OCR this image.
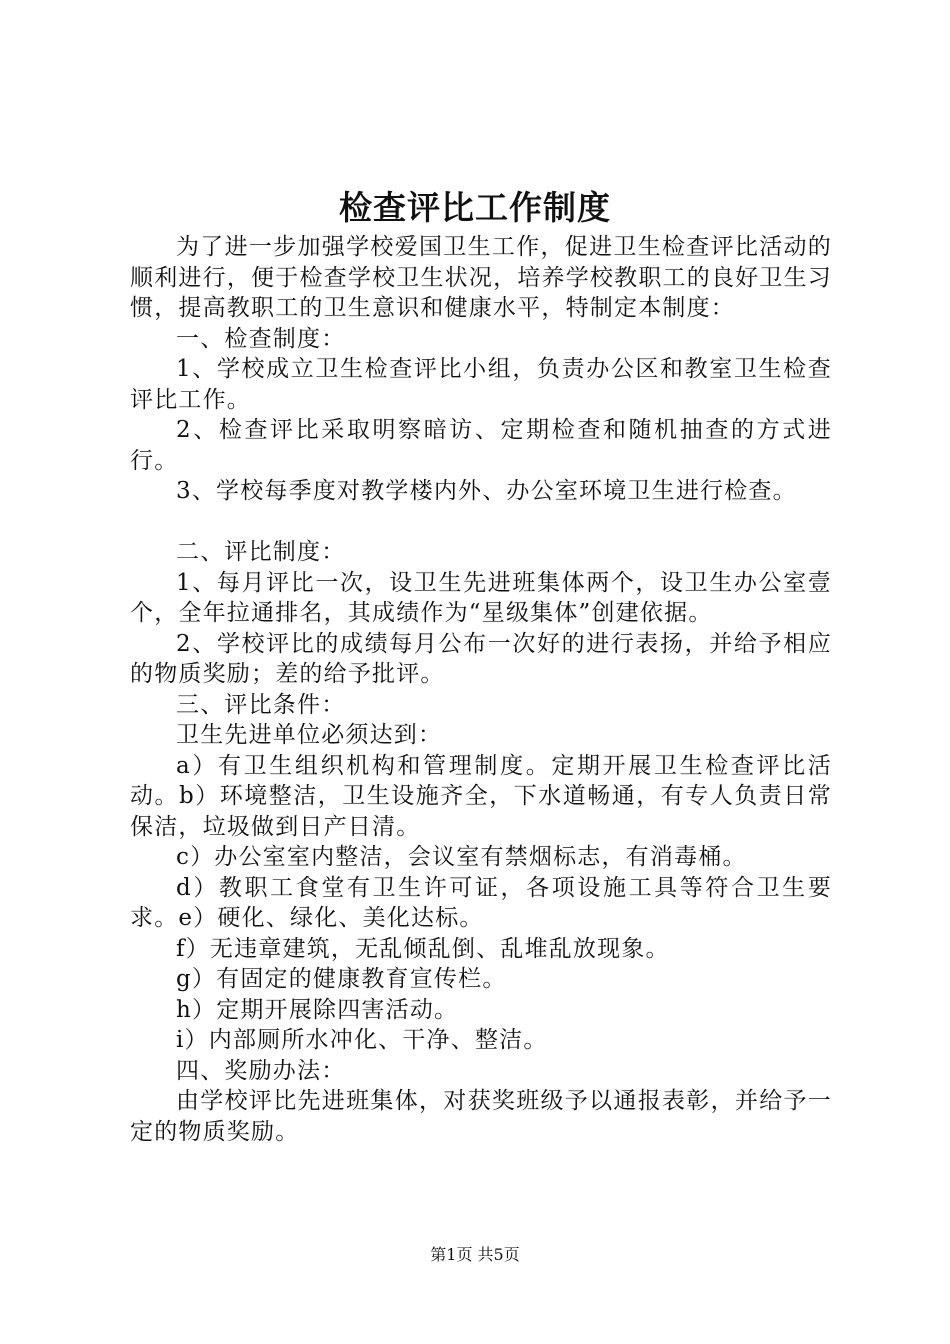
检查评比工作制度

为了进一步加强学校爱国卫生工作，促进卫生检查评比活动的顺利进行，便于检查学校卫生状况，培养学校教职工的良好卫生习惯，提高教职工的卫生意识和健康水平，特制定本制度：

一、检查制度：

1、学校成立卫生检查评比小组，负责办公区和教室卫生检查评比工作。

2、检查评比采取明察暗访、定期检查和随机抽查的方式进行。

3、学校每季度对教学楼内外、办公室环境卫生进行检查。

二、评比制度：

1、每月评比一次，设卫生先进班集体两个，设卫生办公室壹个，全年拉通排名，其成绩作为“星级集体”创建依据。

2、学校评比的成绩每月公布一次好的进行表扬，并给予相应的物质奖励；差的给予批评。

三、评比条件：

卫生先进单位必须达到：

a）有卫生组织机构和管理制度。定期开展卫生检查评比活动。b）环境整洁，卫生设施齐全，下水道畅通，有专人负责日常保洁，垃圾做到日产日清。

c）办公室室内整洁，会议室有禁烟标志，有消毒桶。

d）教职工食堂有卫生许可证，各项设施工具等符合卫生要求。e）硬化、绿化、美化达标。

f）无违章建筑，无乱倾乱倒、乱堆乱放现象。

g）有固定的健康教育宣传栏。

h）定期开展除四害活动。

i）内部厕所水冲化、干净、整洁。

四、奖励办法：

由学校评比先进班集体，对获奖班级予以通报表彰，并给予一定的物质奖励。

第1页 共5页
